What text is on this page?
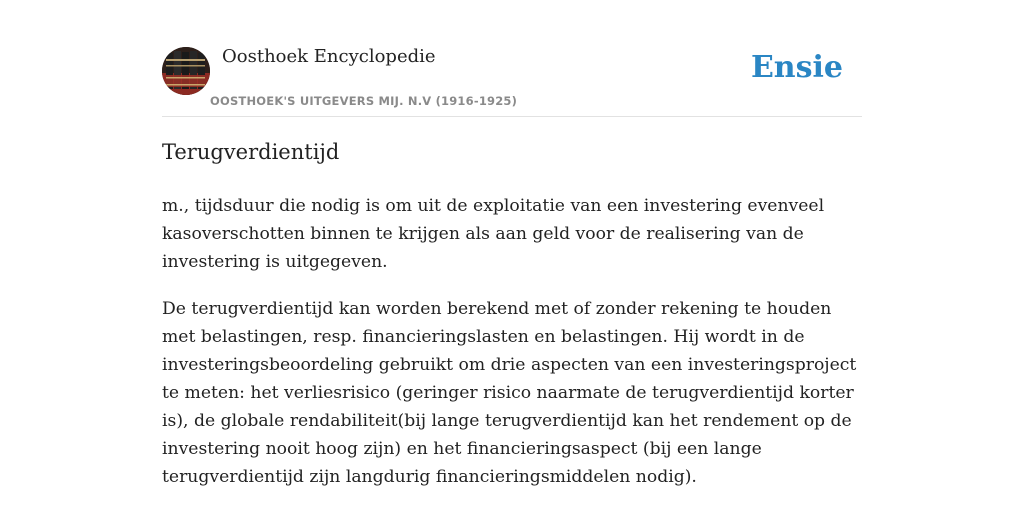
Oosthoek Encyclopedie
OOSTHOEK'S UITGEVERS MIJ. N.V (1916-1925)
Ensie
Terugverdientijd

m., tijdsduur die nodig is om uit de exploitatie van een investering evenveel kasoverschotten binnen te krijgen als aan geld voor de realisering van de investering is uitgegeven.

De terugverdientijd kan worden berekend met of zonder rekening te houden met belastingen, resp. financieringslasten en belastingen. Hij wordt in de investeringsbeoordeling gebruikt om drie aspecten van een investeringsproject te meten: het verliesrisico (geringer risico naarmate de terugverdientijd korter is), de globale rendabiliteit(bij lange terugverdientijd kan het rendement op de investering nooit hoog zijn) en het financieringsaspect (bij een lange terugverdientijd zijn langdurig financieringsmiddelen nodig).
